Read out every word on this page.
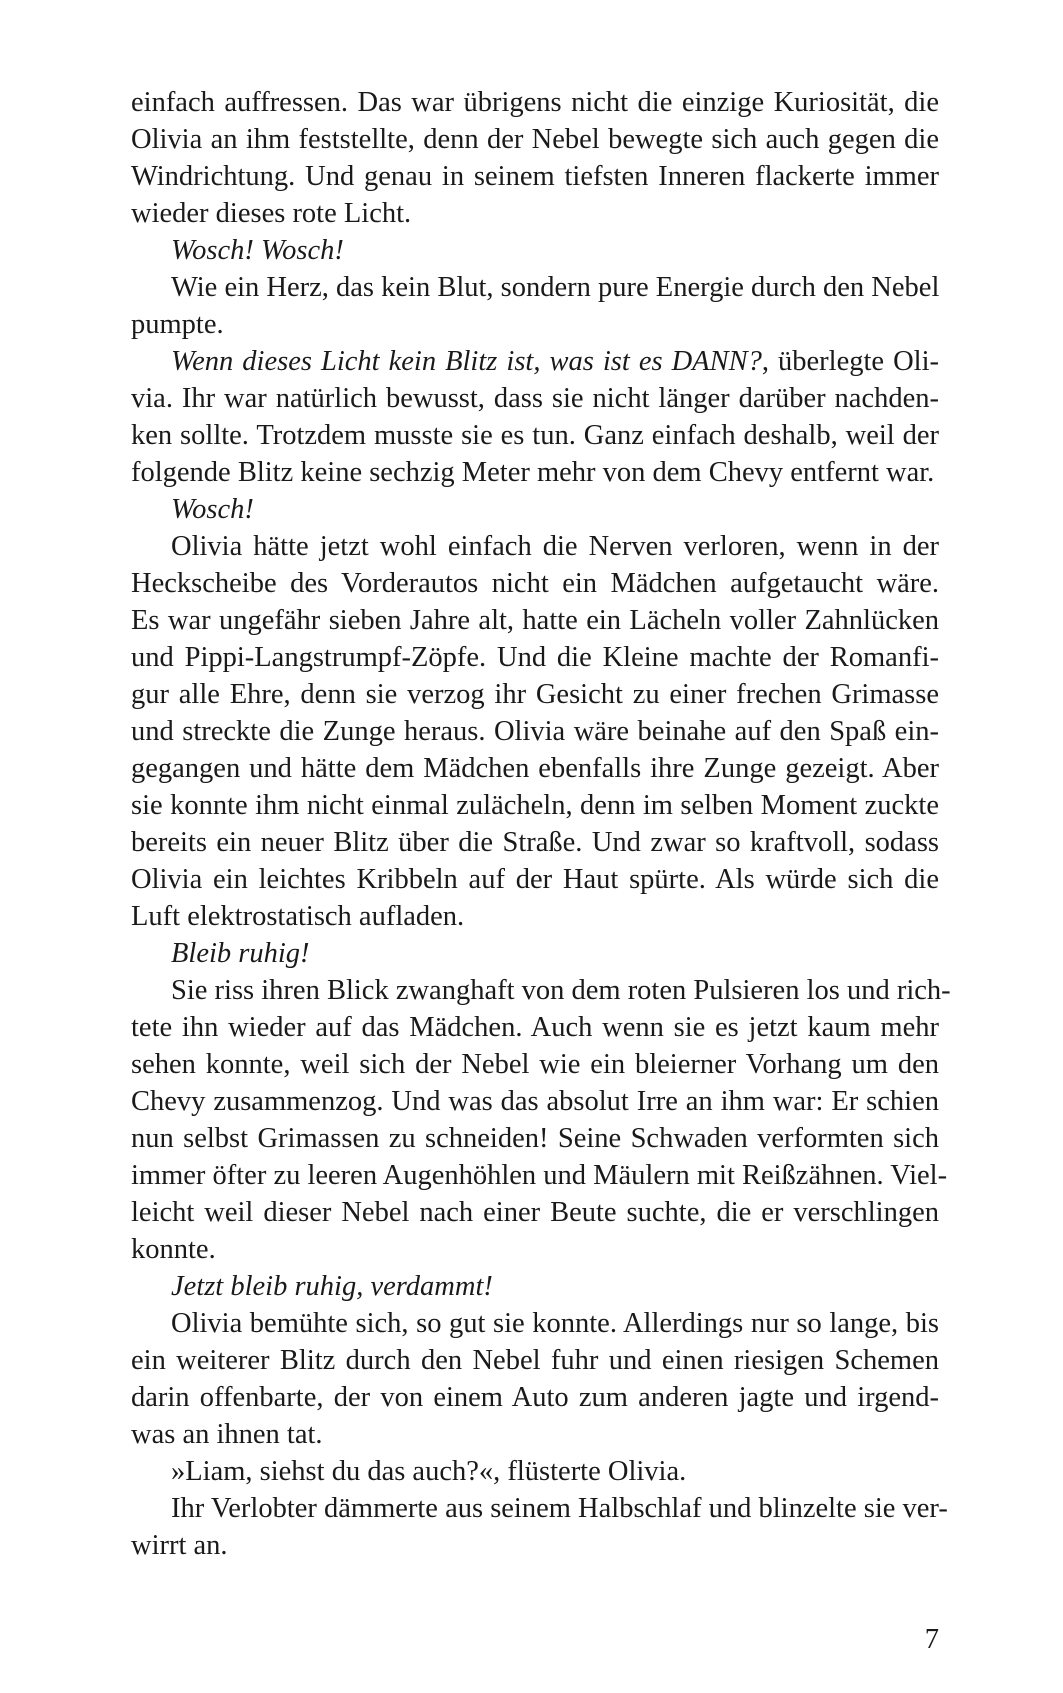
einfach auffressen. Das war übrigens nicht die einzige Kuriosität, die
Olivia an ihm feststellte, denn der Nebel bewegte sich auch gegen die
Windrichtung. Und genau in seinem tiefsten Inneren flackerte immer
wieder dieses rote Licht.
Wosch! Wosch!
Wie ein Herz, das kein Blut, sondern pure Energie durch den Nebel
pumpte.
Wenn dieses Licht kein Blitz ist, was ist es DANN?, überlegte Oli-
via. Ihr war natürlich bewusst, dass sie nicht länger darüber nachden-
ken sollte. Trotzdem musste sie es tun. Ganz einfach deshalb, weil der
folgende Blitz keine sechzig Meter mehr von dem Chevy entfernt war.
Wosch!
Olivia hätte jetzt wohl einfach die Nerven verloren, wenn in der
Heckscheibe des Vorderautos nicht ein Mädchen aufgetaucht wäre.
Es war ungefähr sieben Jahre alt, hatte ein Lächeln voller Zahnlücken
und Pippi-Langstrumpf-Zöpfe. Und die Kleine machte der Romanfi-
gur alle Ehre, denn sie verzog ihr Gesicht zu einer frechen Grimasse
und streckte die Zunge heraus. Olivia wäre beinahe auf den Spaß ein-
gegangen und hätte dem Mädchen ebenfalls ihre Zunge gezeigt. Aber
sie konnte ihm nicht einmal zulächeln, denn im selben Moment zuckte
bereits ein neuer Blitz über die Straße. Und zwar so kraftvoll, sodass
Olivia ein leichtes Kribbeln auf der Haut spürte. Als würde sich die
Luft elektrostatisch aufladen.
Bleib ruhig!
Sie riss ihren Blick zwanghaft von dem roten Pulsieren los und rich-
tete ihn wieder auf das Mädchen. Auch wenn sie es jetzt kaum mehr
sehen konnte, weil sich der Nebel wie ein bleierner Vorhang um den
Chevy zusammenzog. Und was das absolut Irre an ihm war: Er schien
nun selbst Grimassen zu schneiden! Seine Schwaden verformten sich
immer öfter zu leeren Augenhöhlen und Mäulern mit Reißzähnen. Viel-
leicht weil dieser Nebel nach einer Beute suchte, die er verschlingen
konnte.
Jetzt bleib ruhig, verdammt!
Olivia bemühte sich, so gut sie konnte. Allerdings nur so lange, bis
ein weiterer Blitz durch den Nebel fuhr und einen riesigen Schemen
darin offenbarte, der von einem Auto zum anderen jagte und irgend-
was an ihnen tat.
»Liam, siehst du das auch?«, flüsterte Olivia.
Ihr Verlobter dämmerte aus seinem Halbschlaf und blinzelte sie ver-
wirrt an.
7
